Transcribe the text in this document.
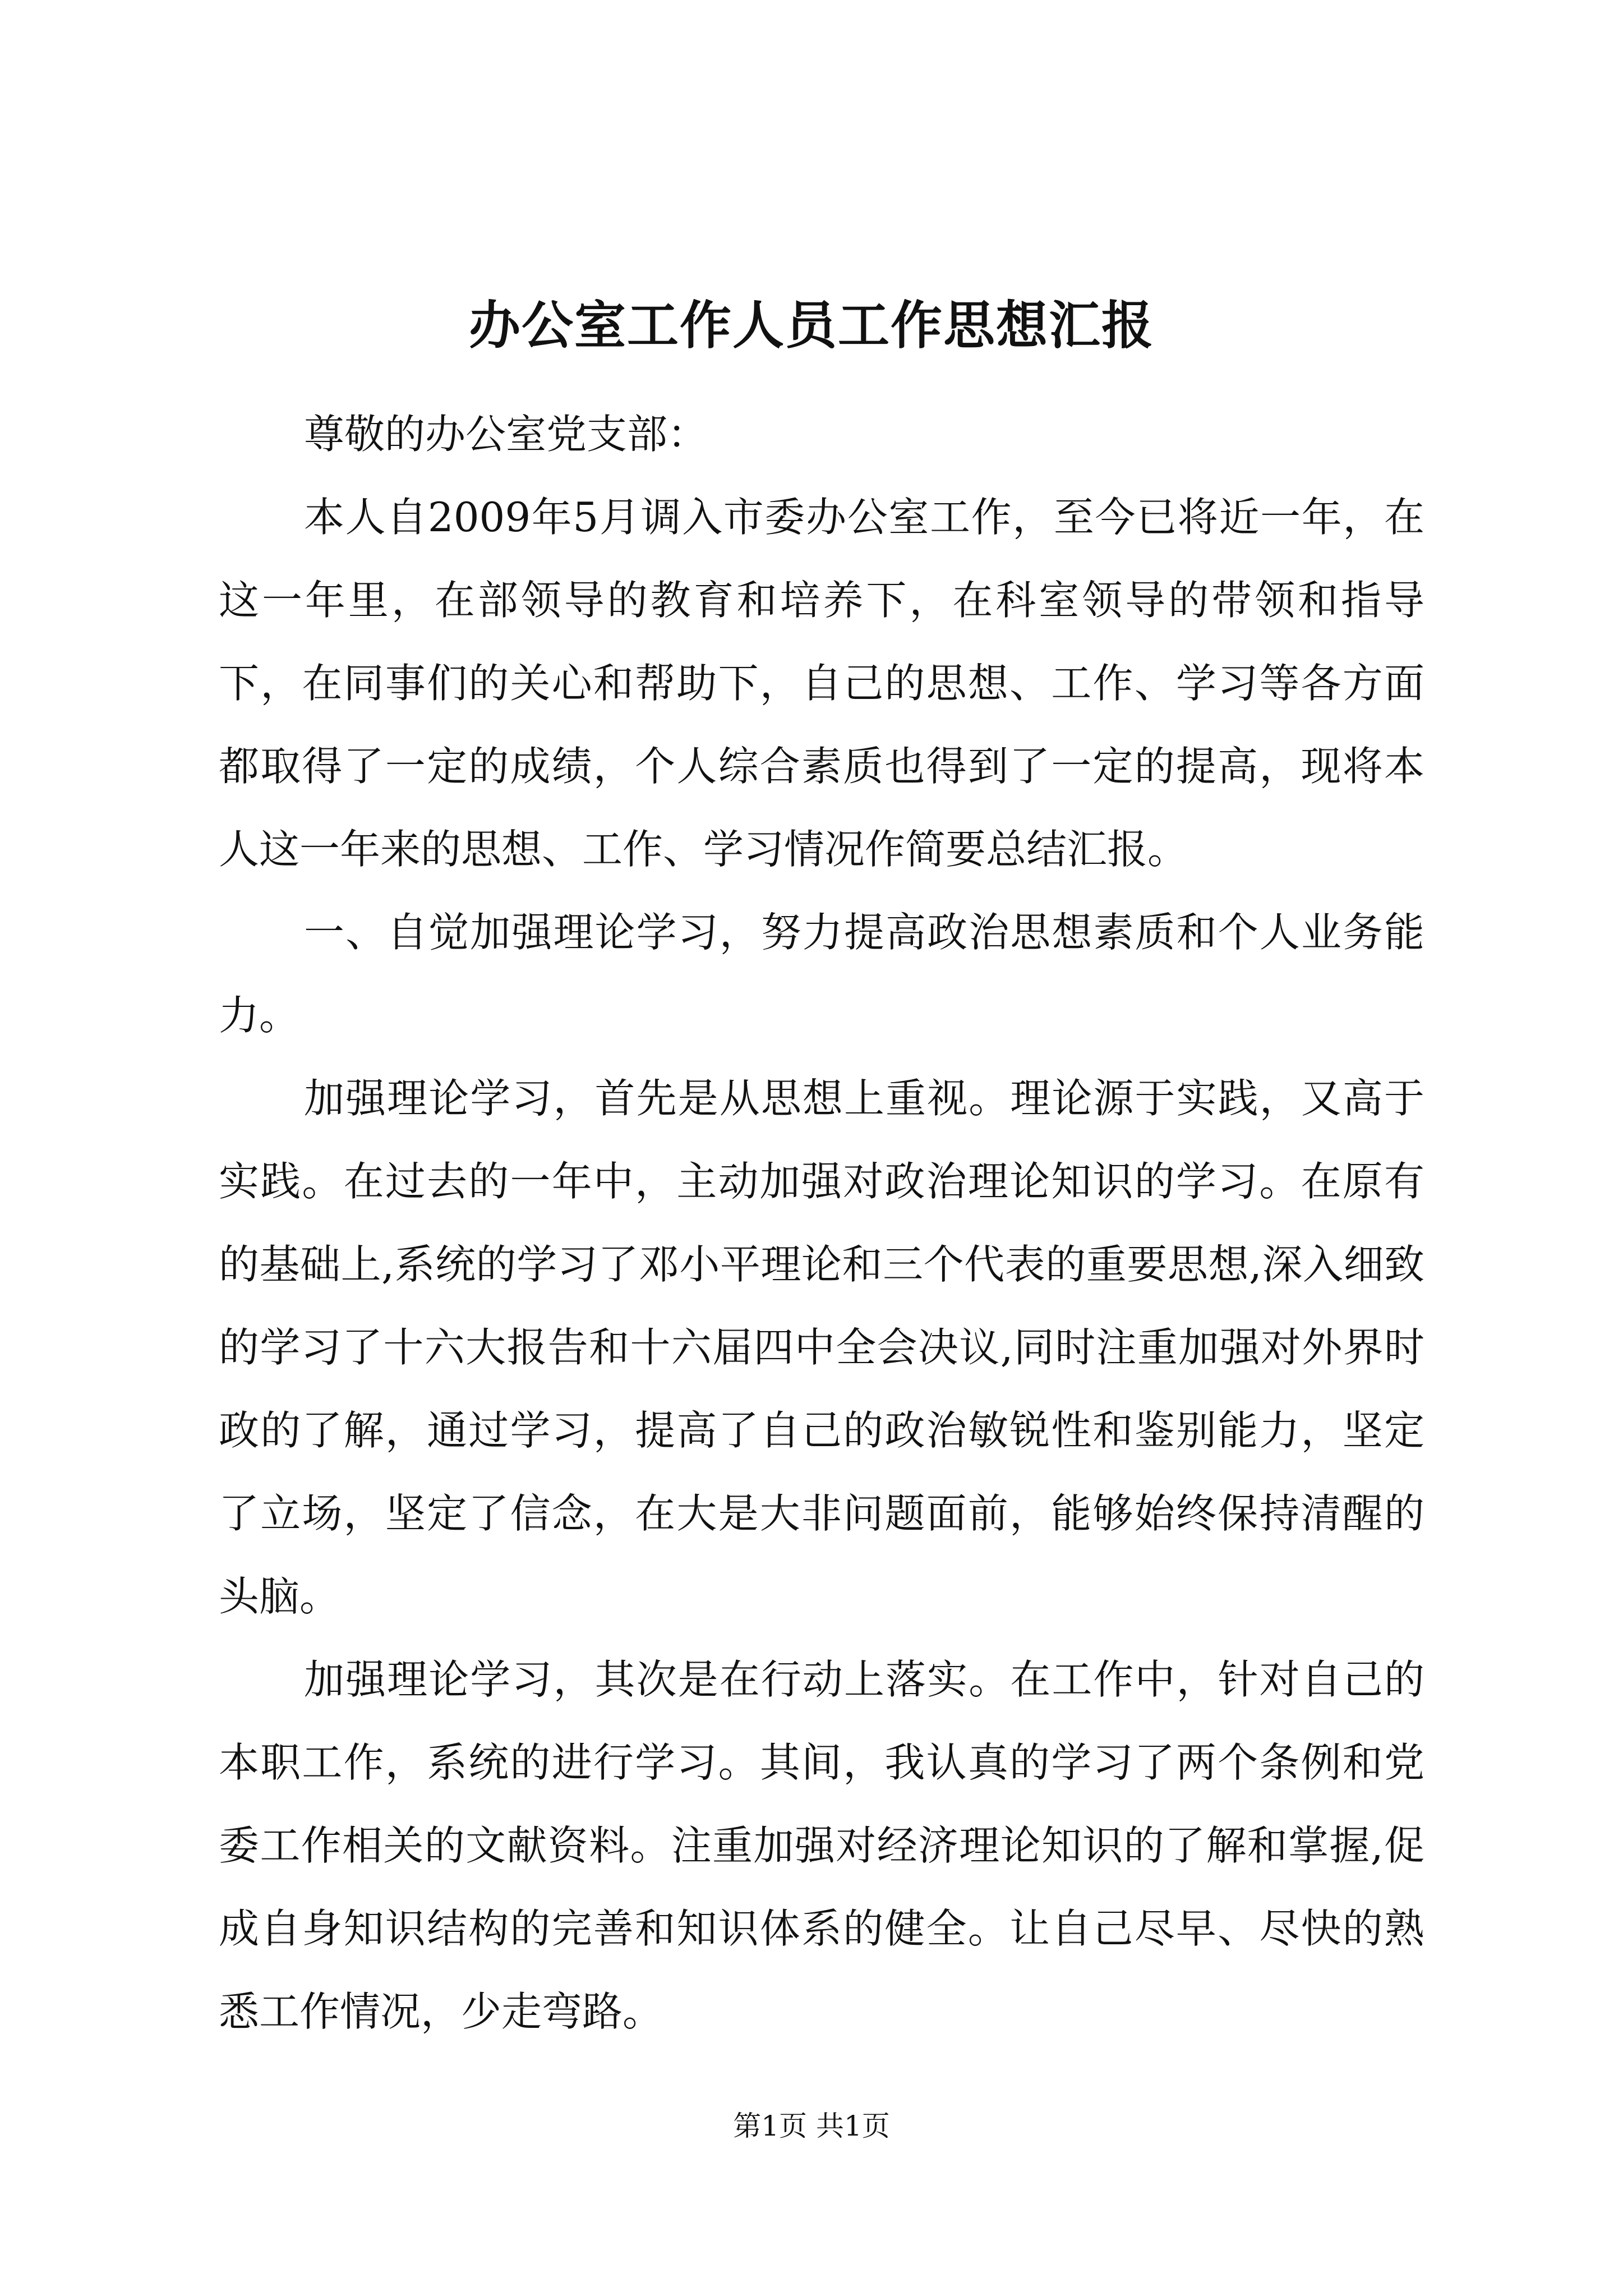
办公室工作人员工作思想汇报

尊敬的办公室党支部：

本人自2009年5月调入市委办公室工作，至今已将近一年，在这一年里，在部领导的教育和培养下，在科室领导的带领和指导下，在同事们的关心和帮助下，自己的思想、工作、学习等各方面都取得了一定的成绩，个人综合素质也得到了一定的提高，现将本人这一年来的思想、工作、学习情况作简要总结汇报。

一、自觉加强理论学习，努力提高政治思想素质和个人业务能力。

加强理论学习，首先是从思想上重视。理论源于实践，又高于实践。在过去的一年中，主动加强对政治理论知识的学习。在原有的基础上,系统的学习了邓小平理论和三个代表的重要思想,深入细致的学习了十六大报告和十六届四中全会决议,同时注重加强对外界时政的了解，通过学习，提高了自己的政治敏锐性和鉴别能力，坚定了立场，坚定了信念，在大是大非问题面前，能够始终保持清醒的头脑。

加强理论学习，其次是在行动上落实。在工作中，针对自己的本职工作，系统的进行学习。其间，我认真的学习了两个条例和党委工作相关的文献资料。注重加强对经济理论知识的了解和掌握,促成自身知识结构的完善和知识体系的健全。让自己尽早、尽快的熟悉工作情况，少走弯路。

第1页 共1页
